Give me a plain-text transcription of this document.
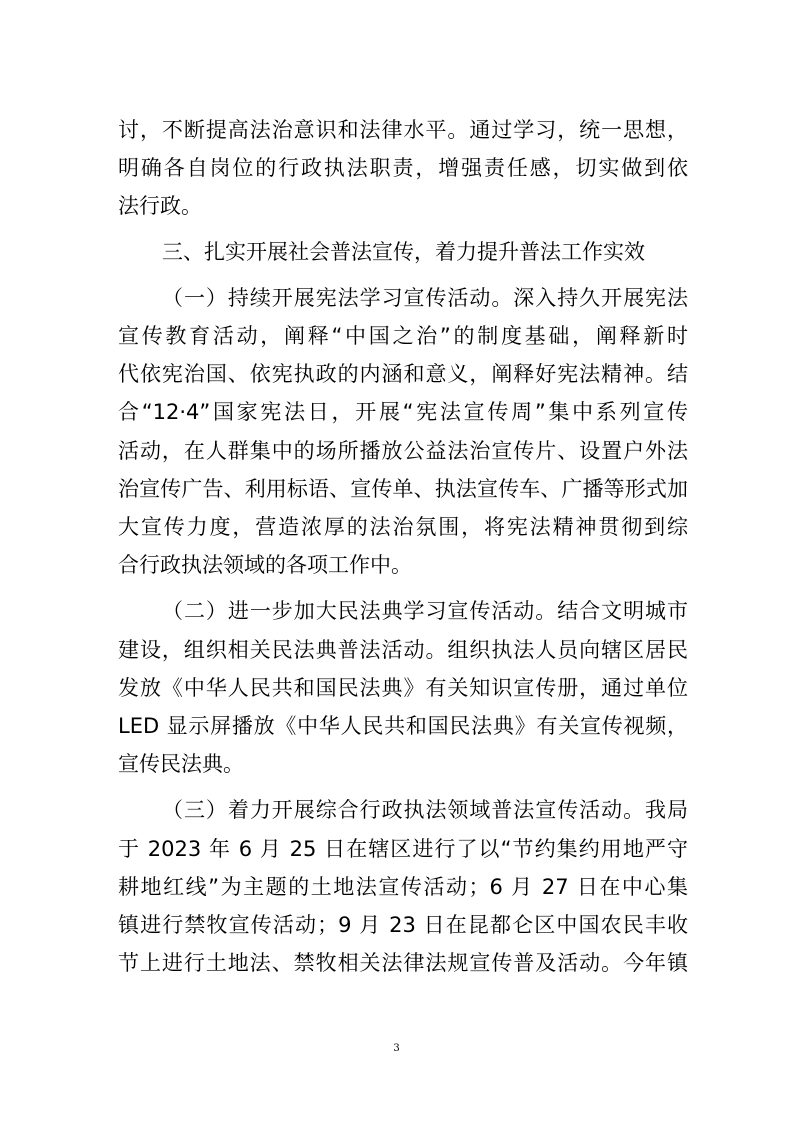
讨，不断提高法治意识和法律水平。通过学习，统一思想，
明确各自岗位的行政执法职责，增强责任感，切实做到依
法行政。
三、扎实开展社会普法宣传，着力提升普法工作实效
（一）持续开展宪法学习宣传活动。深入持久开展宪法
宣传教育活动，阐释“中国之治”的制度基础，阐释新时
代依宪治国、依宪执政的内涵和意义，阐释好宪法精神。结
合“12·4”国家宪法日，开展“宪法宣传周”集中系列宣传
活动，在人群集中的场所播放公益法治宣传片、设置户外法
治宣传广告、利用标语、宣传单、执法宣传车、广播等形式加
大宣传力度，营造浓厚的法治氛围，将宪法精神贯彻到综
合行政执法领域的各项工作中。
（二）进一步加大民法典学习宣传活动。结合文明城市
建设，组织相关民法典普法活动。组织执法人员向辖区居民
发放《中华人民共和国民法典》有关知识宣传册，通过单位
LED 显示屏播放《中华人民共和国民法典》有关宣传视频，
宣传民法典。
（三）着力开展综合行政执法领域普法宣传活动。我局
于 2023 年 6 月 25 日在辖区进行了以“节约集约用地严守
耕地红线”为主题的土地法宣传活动；6 月 27 日在中心集
镇进行禁牧宣传活动；9 月 23 日在昆都仑区中国农民丰收
节上进行土地法、禁牧相关法律法规宣传普及活动。今年镇
3
